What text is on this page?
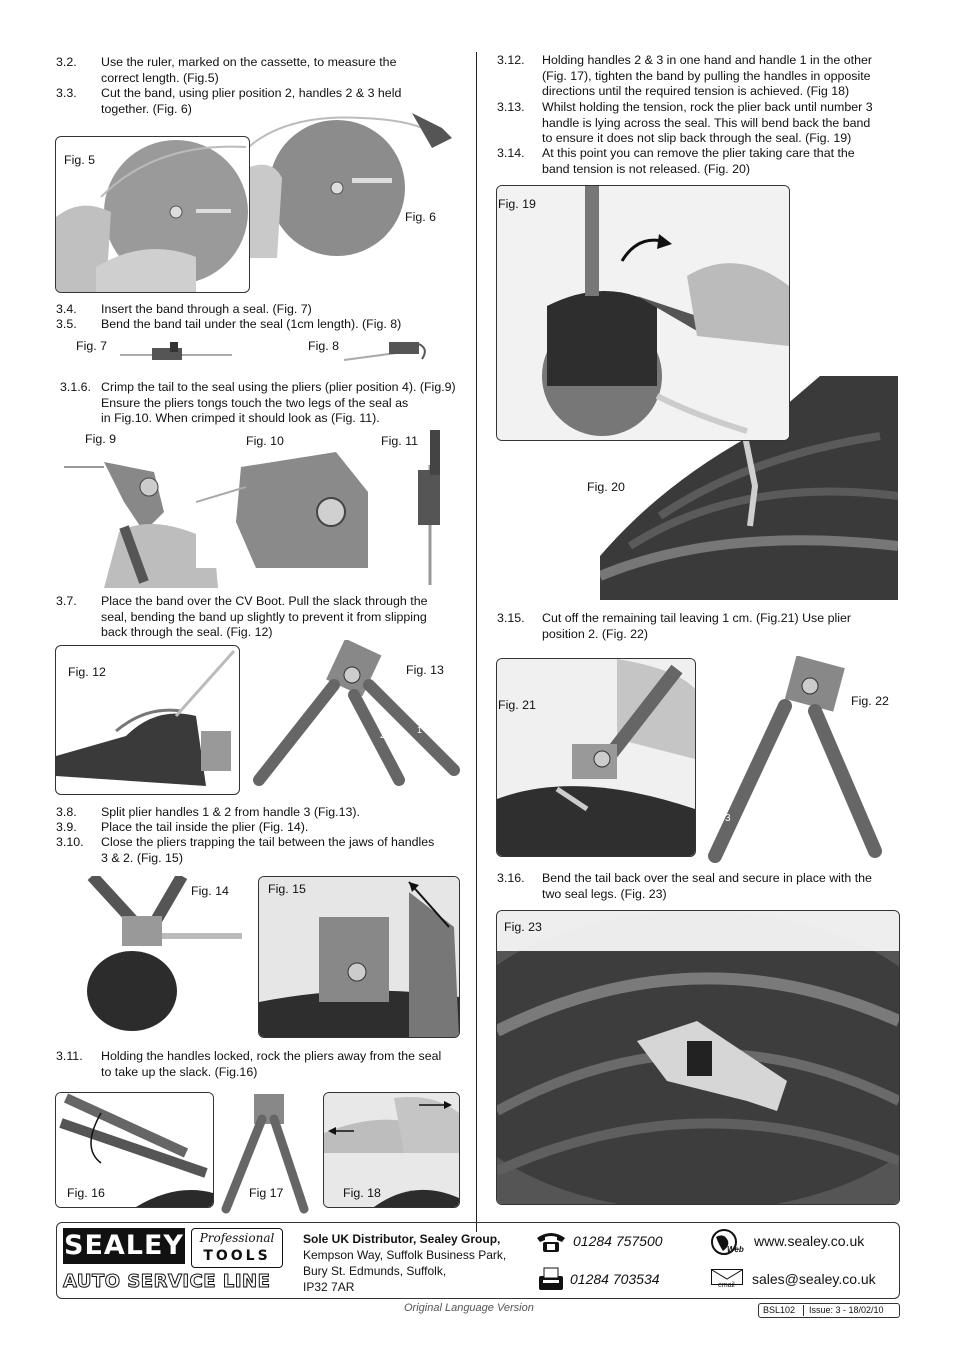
3.2. Use the ruler, marked on the cassette, to measure the
correct length. (Fig.5)
3.3. Cut the band, using plier position 2, handles 2 & 3 held
together. (Fig. 6)
Fig. 5
Fig. 6
3.4. Insert the band through a seal. (Fig. 7)
3.5. Bend the band tail under the seal (1cm length). (Fig. 8)
Fig. 7	Fig. 8
3.1.6. Crimp the tail to the seal using the pliers (plier position 4). (Fig.9)
Ensure the pliers tongs touch the two legs of the seal as
in Fig.10. When crimped it should look as (Fig. 11).
Fig. 9	Fig. 10	Fig. 11
3.7. Place the band over the CV Boot. Pull the slack through the
seal, bending the band up slightly to prevent it from slipping
back through the seal. (Fig. 12)
Fig. 12
3
2	1
Fig. 13
3.8. Split plier handles 1 & 2 from handle 3 (Fig.13).
3.9. Place the tail inside the plier (Fig. 14).
3.10. Close the pliers trapping the tail between the jaws of handles
3 & 2. (Fig. 15)
Fig. 14	Fig. 15
3.11. Holding the handles locked, rock the pliers away from the seal
to take up the slack. (Fig.16)
Fig. 16	Fig 17	Fig. 18
3.12. Holding handles 2 & 3 in one hand and handle 1 in the other
(Fig. 17), tighten the band by pulling the handles in opposite
directions until the required tension is achieved. (Fig 18)
3.13. Whilst holding the tension, rock the plier back until number 3
handle is lying across the seal. This will bend back the band
to ensure it does not slip back through the seal. (Fig. 19)
3.14. At this point you can remove the plier taking care that the
band tension is not released. (Fig. 20)
Fig. 19
Fig. 20
3.15. Cut off the remaining tail leaving 1 cm. (Fig.21) Use plier
position 2. (Fig. 22)
Fig. 21
3	1
Fig. 22
3.16. Bend the tail back over the seal and secure in place with the
two seal legs. (Fig. 23)
Fig. 23
SEALEY	Professional
TOOLS
AUTO SERVICE LINE
Sole UK Distributor, Sealey Group,
Kempson Way, Suffolk Business Park,
Bury St. Edmunds, Suffolk,
IP32 7AR
01284 757500
01284 703534
Web
www.sealey.co.uk
email sales@sealey.co.uk
Original Language Version	BSL102 Issue: 3 - 18/02/10
